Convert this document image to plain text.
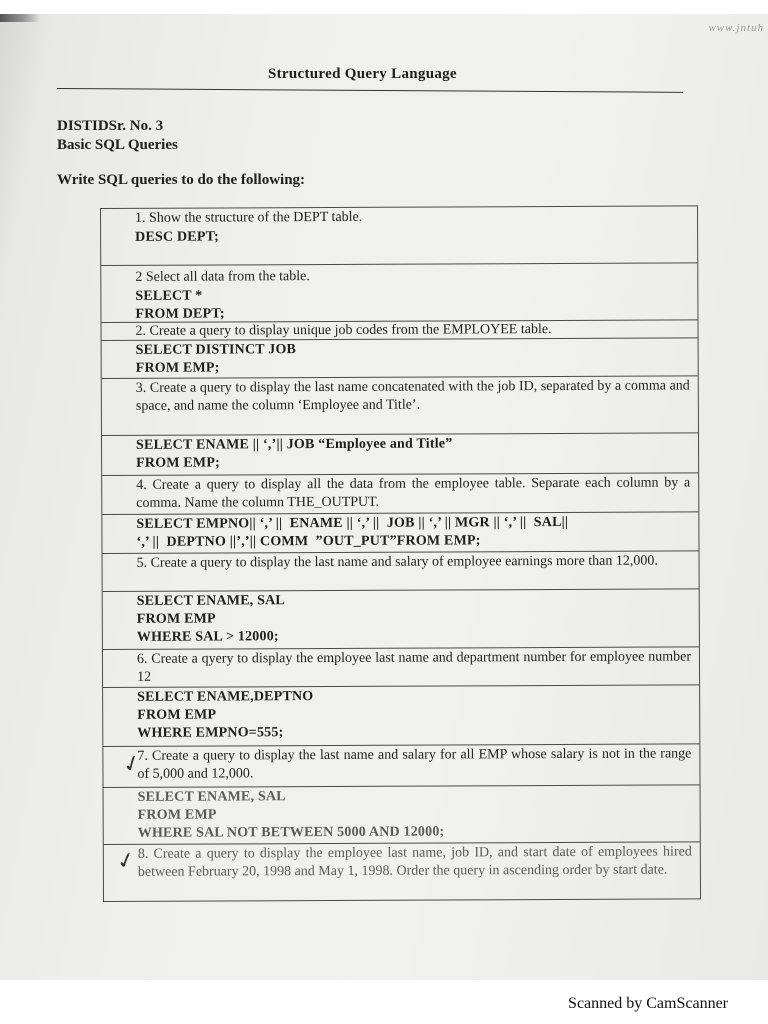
www.jntuh
Structured Query Language
DISTIDSr. No. 3
Basic SQL Queries
Write SQL queries to do the following:
1. Show the structure of the DEPT table.
DESC DEPT;
2 Select all data from the table.
SELECT *
FROM DEPT;
2. Create a query to display unique job codes from the EMPLOYEE table.
SELECT DISTINCT JOB
FROM EMP;
3. Create a query to display the last name concatenated with the job ID, separated by a comma and space, and name the column ‘Employee and Title’.
SELECT ENAME || ‘,’|| JOB “Employee and Title”
FROM EMP;
4. Create a query to display all the data from the employee table. Separate each column by a comma. Name the column THE_OUTPUT.
SELECT EMPNO|| ‘,’ ||  ENAME || ‘,’ ||  JOB || ‘,’ || MGR || ‘,’ ||  SAL||
‘,’ ||  DEPTNO ||’,’|| COMM  ”OUT_PUT”FROM EMP;
5. Create a query to display the last name and salary of employee earnings more than 12,000.
SELECT ENAME, SAL
FROM EMP
WHERE SAL > 12000;
6. Create a qyery to display the employee last name and department number for employee number 12
SELECT ENAME,DEPTNO
FROM EMP
WHERE EMPNO=555;
7. Create a query to display the last name and salary for all EMP whose salary is not in the range of 5,000 and 12,000.
SELECT ENAME, SAL
FROM EMP
WHERE SAL NOT BETWEEN 5000 AND 12000;
8. Create a query to display the employee last name, job ID, and start date of employees hired between February 20, 1998 and May 1, 1998. Order the query in ascending order by start date.
✓
✓
Scanned by CamScanner
